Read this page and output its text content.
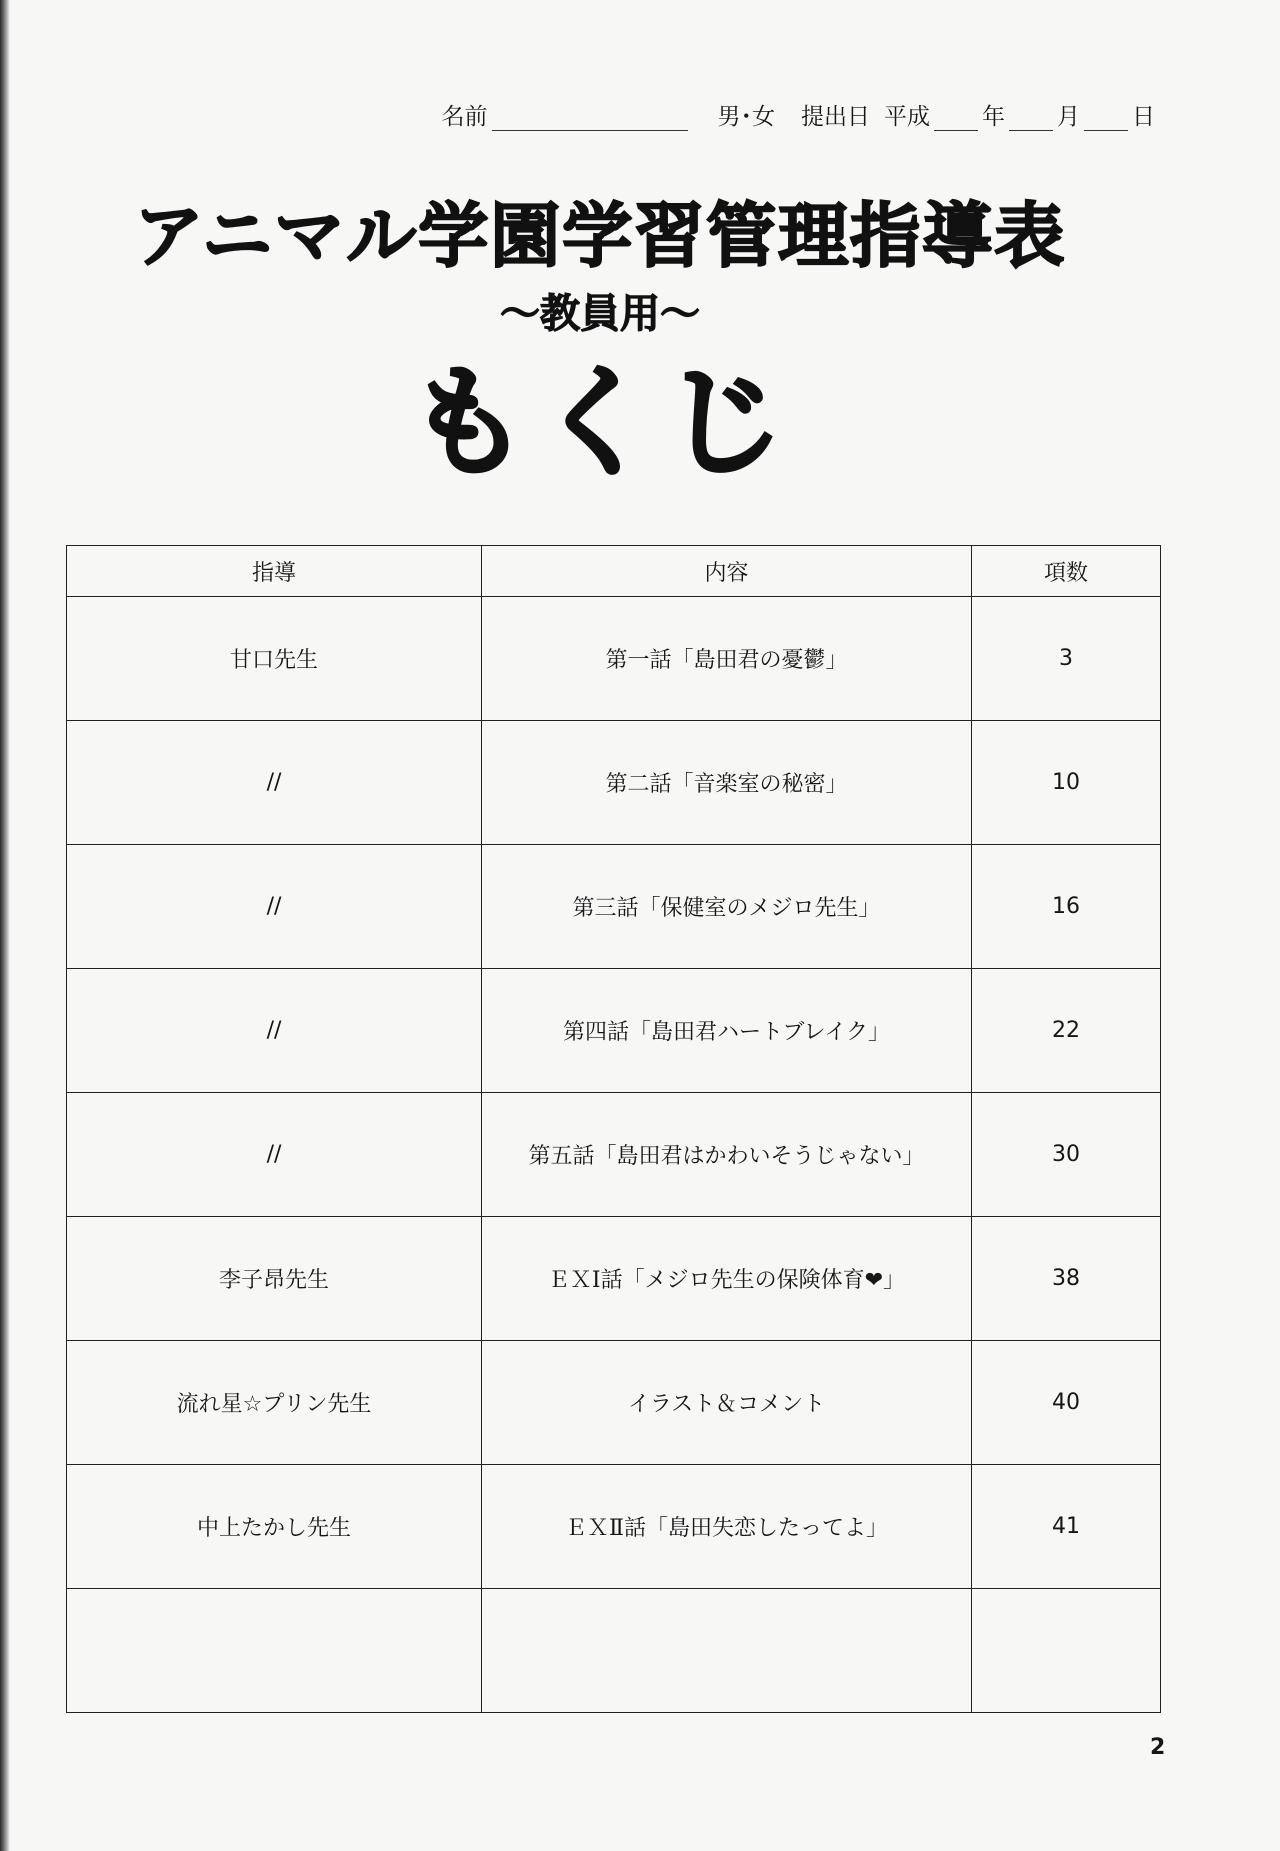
名前	男･女 提出日 平成 年 月 日
アニマル学園学習管理指導表
～教員用～
もくじ
指導	内容	項数
甘口先生	第一話「島田君の憂鬱」	3
//	第二話「音楽室の秘密」	10
//	第三話「保健室のメジロ先生」	16
//	第四話「島田君ハートブレイク」	22
//	第五話「島田君はかわいそうじゃない」	30
李子昂先生	ＥＸⅠ話「メジロ先生の保険体育❤」	38
流れ星☆プリン先生	イラスト＆コメント	40
中上たかし先生	ＥＸⅡ話「島田失恋したってよ」	41

2
